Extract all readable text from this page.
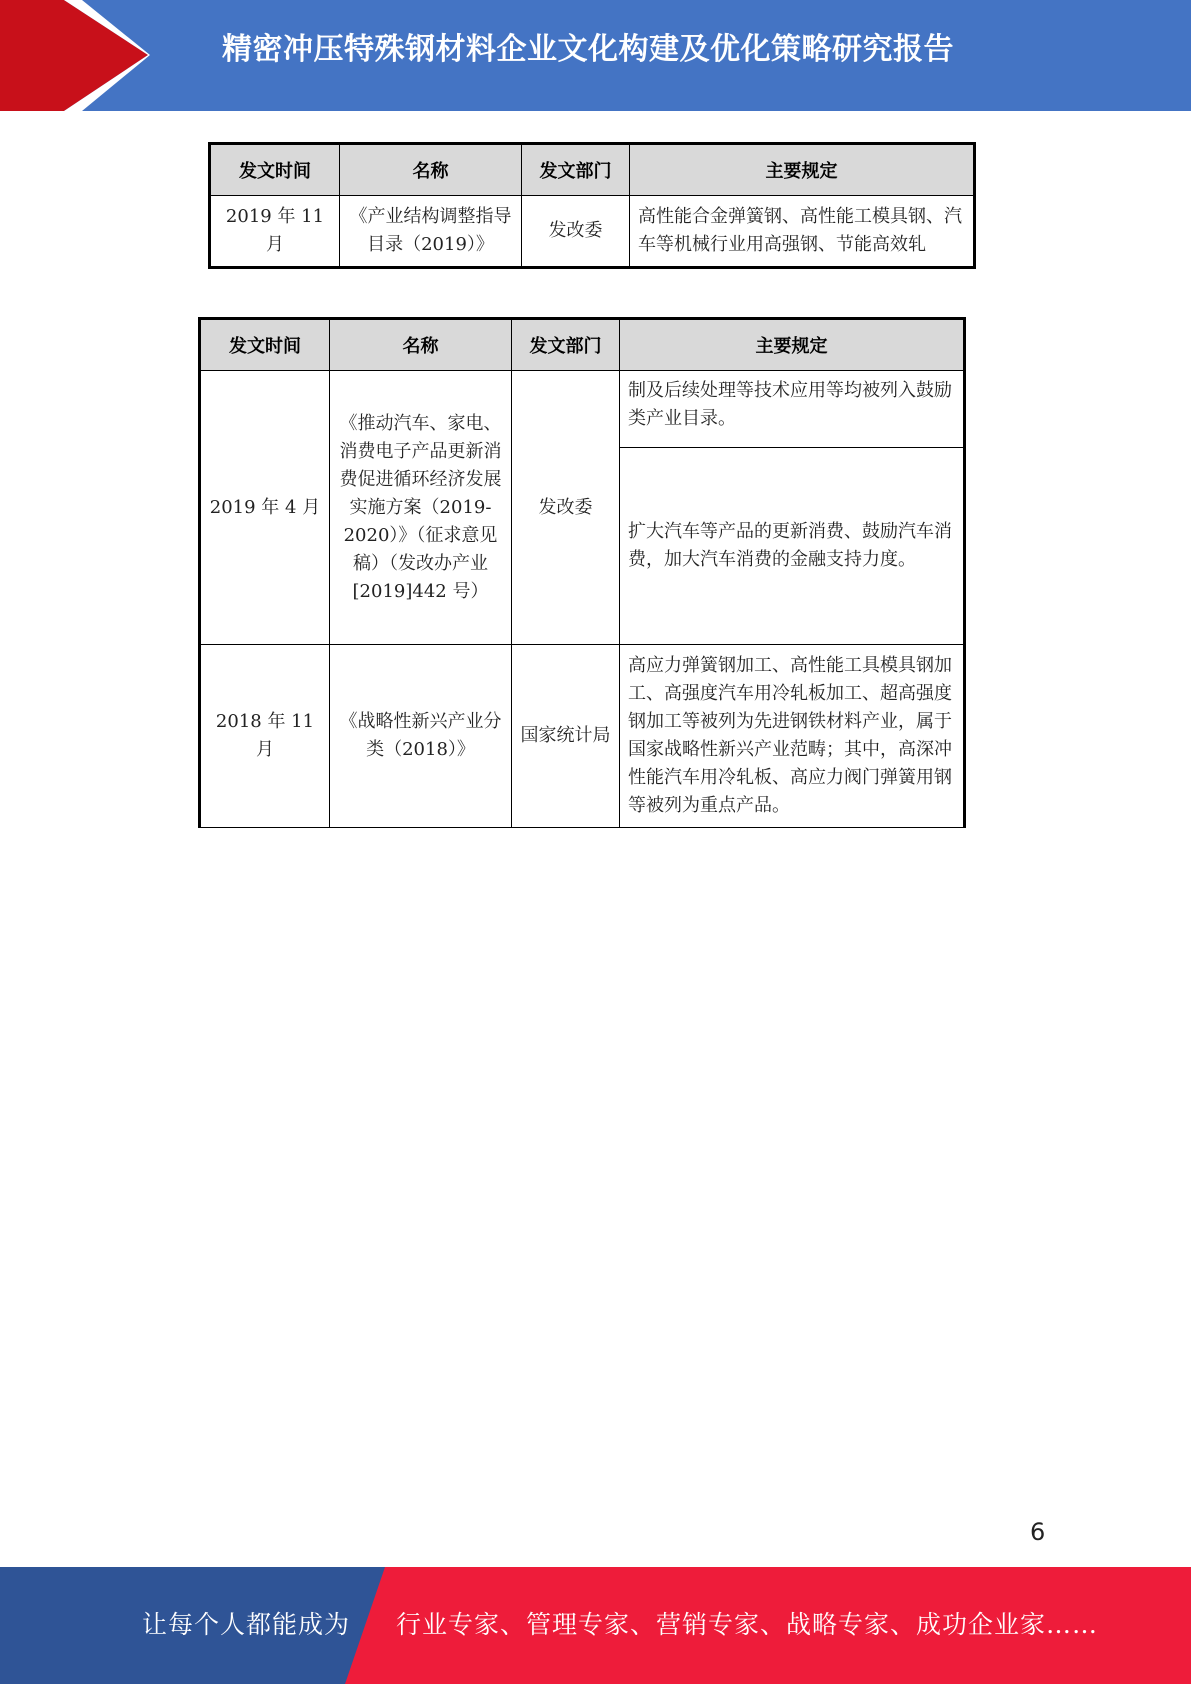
精密冲压特殊钢材料企业文化构建及优化策略研究报告
发文时间	名称	发文部门	主要规定
2019 年 11 月	《产业结构调整指导目录（2019）》	发改委	高性能合金弹簧钢、高性能工模具钢、汽车等机械行业用高强钢、节能高效轧
发文时间	名称	发文部门	主要规定
2019 年 4 月	《推动汽车、家电、消费电子产品更新消费促进循环经济发展实施方案（2019-2020）》（征求意见稿）（发改办产业[2019]442 号）	发改委	制及后续处理等技术应用等均被列入鼓励类产业目录。
			扩大汽车等产品的更新消费、鼓励汽车消费，加大汽车消费的金融支持力度。
2018 年 11 月	《战略性新兴产业分类（2018）》	国家统计局	高应力弹簧钢加工、高性能工具模具钢加工、高强度汽车用冷轧板加工、超高强度钢加工等被列为先进钢铁材料产业，属于国家战略性新兴产业范畴；其中，高深冲性能汽车用冷轧板、高应力阀门弹簧用钢等被列为重点产品。
6
让每个人都能成为 行业专家、管理专家、营销专家、战略专家、成功企业家……
